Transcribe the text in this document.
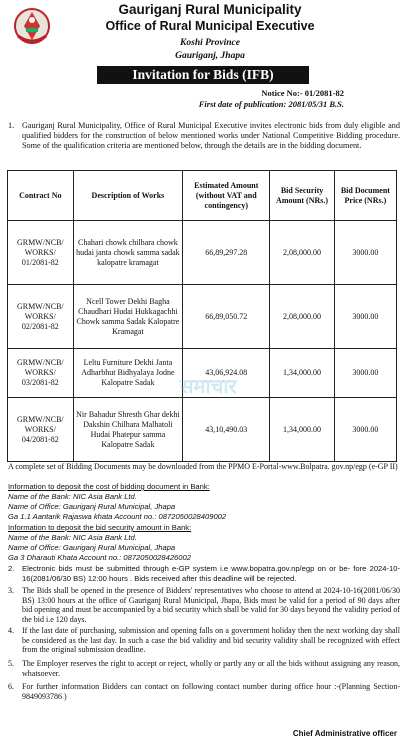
Gauriganj Rural Municipality
Office of Rural Municipal Executive
Koshi Province
Gauriganj, Jhapa
Invitation for Bids (IFB)
Notice No:- 01/2081-82
First date of publication: 2081/05/31 B.S.
1. Gauriganj Rural Municipality, Office of Rural Municipal Executive invites electronic bids from duly eligible and qualified bidders for the construction of below mentioned works under National Competitive Bidding procedure. Some of the qualification criteria are mentioned below, through the details are in the bidding document.
Contract No	Description of Works	Estimated Amount (without VAT and contingency)	Bid Security Amount (NRs.)	Bid Document Price (NRs.)
GRMW/NCB/ WORKS/ 01/2081-82	Chahari chowk chilhara chowk hudai janta chowk samma sadak kalopatre kramagat	66,89,297.28	2,08,000.00	3000.00
GRMW/NCB/ WORKS/ 02/2081-82	Ncell Tower Dekhi Bagha Chaudhari Hudai Hukkagachhi Chowk samma Sadak Kalopatre Kramagat	66,89,050.72	2,08,000.00	3000.00
GRMW/NCB/ WORKS/ 03/2081-82	Leltu Furniture Dekhi Janta Adharbhut Bidhyalaya Jodne Kalopatre Sadak	43,06,924.08	1,34,000.00	3000.00
GRMW/NCB/ WORKS/ 04/2081-82	Nir Bahadur Shresth Ghar dekhi Dakshin Chilhara Malhatoli Hudai Phatepur samma Kalopatre Sadak	43,10,490.03	1,34,000.00	3000.00
समाचार
A complete set of Bidding Documents may be downloaded from the PPMO E-Portal-www.Bolpatra. gov.np/egp (e-GP II)
Information to deposit the cost of bidding document in Bank:
Name of the Bank: NIC Asia Bank Ltd.
Name of Office: Gauriganj Rural Municipal, Jhapa
Ga 1.1 Aantarik Rajaswa khata Account no.: 0872050028409002
Information to deposit the bid security amount in Bank:
Name of the Bank: NIC Asia Bank Ltd.
Name of Office: Gauriganj Rural Municipal, Jhapa
Ga 3 Dharauti Khata Account no.: 0872050028426002
2. Electronic bids must be submitted through e-GP system i.e www.bopatra.gov.np/egp on or be- fore 2024-10-16(2081/06/30 BS) 12:00 hours . Bids received after this deadline will be rejected.
3. The Bids shall be opened in the presence of Bidders' representatives who choose to attend at 2024-10-16(2081/06/30 BS) 13:00 hours at the office of Gauriganj Rural Municipal, Jhapa, Bids must be valid for a period of 90 days after bid opening and must be accompanied by a bid security which shall be valid for 30 days beyond the validity period of the bid i.e 120 days.
4. If the last date of purchasing, submission and opening falls on a government holiday then the next working day shall be considered as the last day. In such a case the bid validity and bid security validity shall be recognized with effect from the original submission deadline.
5. The Employer reserves the right to accept or reject, wholly or partly any or all the bids without assigning any reason, whatsoever.
6. For further information Bidders can contact on following contact number during office hour :-(Planning Section-9849093786 )
Chief Administrative officer
